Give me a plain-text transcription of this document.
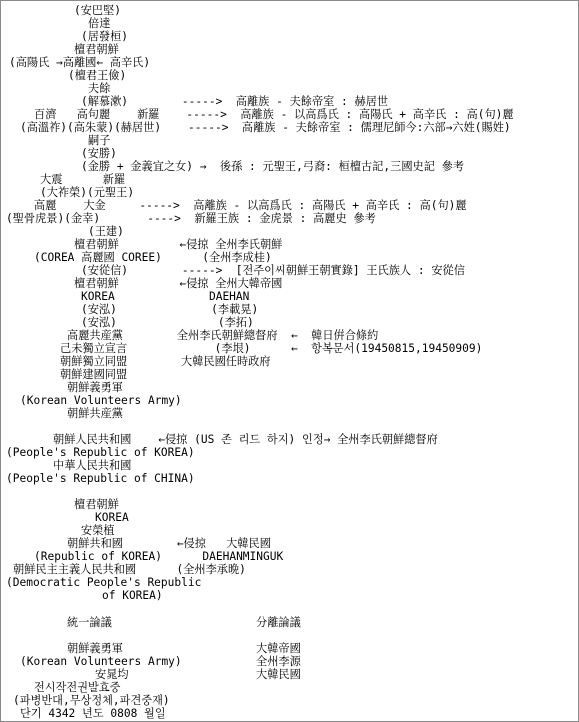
(安巴堅)
倍達
(居發桓)
檀君朝鮮
(高陽氏 →高離國← 高辛氏)
(檀君王儉)
夫餘
(解慕漱)        ----->  高離族 - 夫餘帝室 : 赫居世
百濟   高句麗    新羅    ----->  高離族 - 以高爲氏 : 高陽氏 + 高辛氏 : 高(句)麗
(高溫祚)(高朱蒙)(赫居世)    ----->  高離族 - 夫餘帝室 : 儒理尼師今:六部→六姓(賜姓)
嗣子
(安勝)
(金勝 + 金義宜之女) →  後孫 : 元聖王,弓裔: 桓檀古記,三國史記 參考
大震      新羅
(大祚榮)(元聖王)
高麗    大金     ----->  高離族 - 以高爲氏 : 高陽氏 + 高辛氏 : 高(句)麗
(聖骨虎景)(金幸)       ---->  新羅王族 : 金虎景 : 高麗史 參考
(王建)
檀君朝鮮         ←侵掠 全州李氏朝鮮
(COREA 高麗國 COREE)      (全州李成桂)
(安從信)        ----->  [전주이씨朝鮮王朝實錄] 王氏族人 : 安從信
檀君朝鮮         ←侵掠 全州大韓帝國
KOREA              DAEHAN
(安泓)              (李載晃)
(安泓)               (李拓)
高麗共産黨        全州李氏朝鮮總督府  ←  韓日倂合條約
己未獨立宣言             (李垠)      ←  항복문서(19450815,19450909)
朝鮮獨立同盟        大韓民國任時政府
朝鮮建國同盟
朝鮮義勇軍
(Korean Volunteers Army)
朝鮮共産黨
朝鮮人民共和國    ←侵掠 (US 존 리드 하지) 인정→ 全州李氏朝鮮總督府
(People's Republic of KOREA)
中華人民共和國
(People's Republic of CHINA)
檀君朝鮮
KOREA
安榮植
朝鮮共和國        ←侵掠   大韓民國
(Republic of KOREA)      DAEHANMINGUK
朝鮮民主主義人民共和國      (全州李承晩)
(Democratic People's Republic
of KOREA)
統一論議	分離論議
朝鮮義勇軍	大韓帝國
(Korean Volunteers Army)	全州李源
安晁均	大韓民國
전시작전권발효중
(파병반대,무상정체,파견중재)
단기 4342 년도 0808 월일
